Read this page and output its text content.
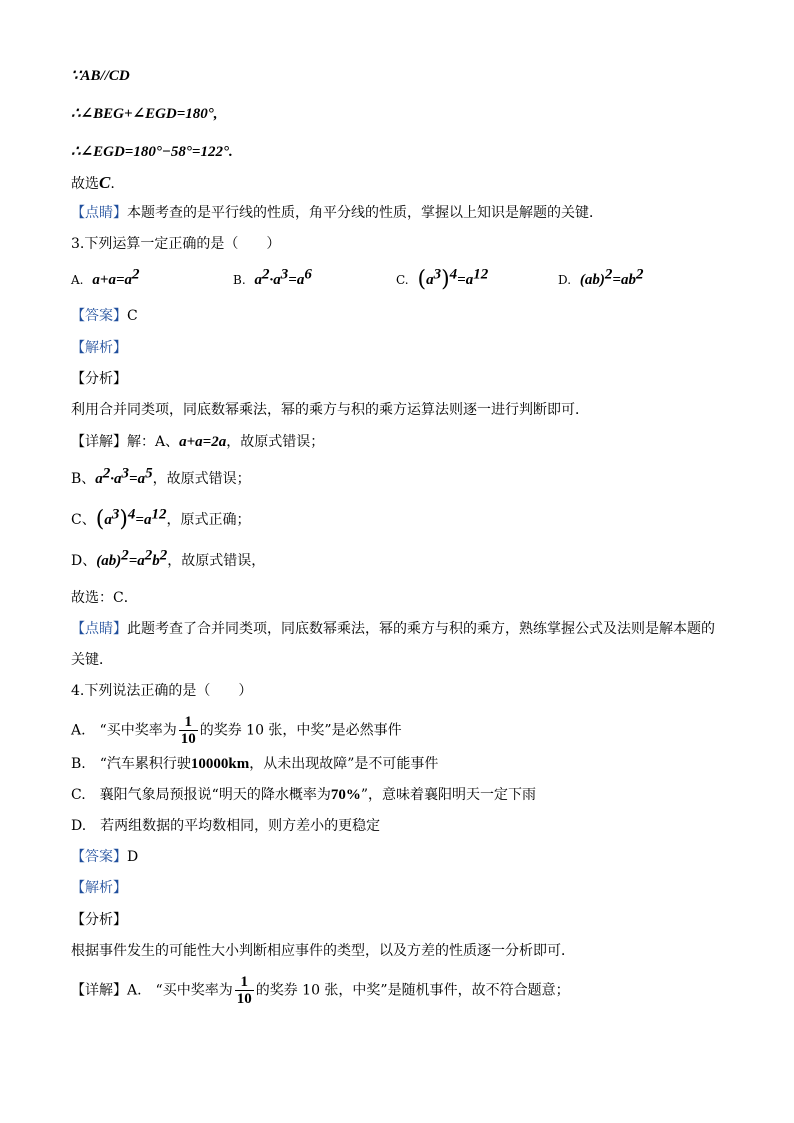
∵AB//CD
∴∠BEG+∠EGD=180°,
∴∠EGD=180°−58°=122°.
故选C.
【点睛】本题考查的是平行线的性质，角平分线的性质，掌握以上知识是解题的关键．
3.下列运算一定正确的是（　　）
A. $a+a=a^2$	B. $a^2\cdot a^3=a^6$	C. $(a^3)^4=a^{12}$	D. $(ab)^2=ab^2$
【答案】C
【解析】
【分析】
利用合并同类项，同底数幂乘法，幂的乘方与积的乘方运算法则逐一进行判断即可．
【详解】解：A、a+a=2a，故原式错误；
B、$a^2\cdot a^3=a^5$，故原式错误；
C、$(a^3)^4=a^{12}$，原式正确；
D、$(ab)^2=a^2b^2$，故原式错误，
故选：C．
【点睛】此题考查了合并同类项，同底数幂乘法，幂的乘方与积的乘方，熟练掌握公式及法则是解本题的
关键．
4.下列说法正确的是（　　）
A.　“买中奖率为 $\frac{1}{10}$ 的奖券 10 张，中奖”是必然事件
B.　“汽车累积行驶10000km，从未出现故障”是不可能事件
C.　襄阳气象局预报说“明天的降水概率为70%”，意味着襄阳明天一定下雨
D.　若两组数据的平均数相同，则方差小的更稳定
【答案】D
【解析】
【分析】
根据事件发生的可能性大小判断相应事件的类型，以及方差的性质逐一分析即可．
【详解】A.　“买中奖率为 $\frac{1}{10}$ 的奖券 10 张，中奖”是随机事件，故不符合题意；
